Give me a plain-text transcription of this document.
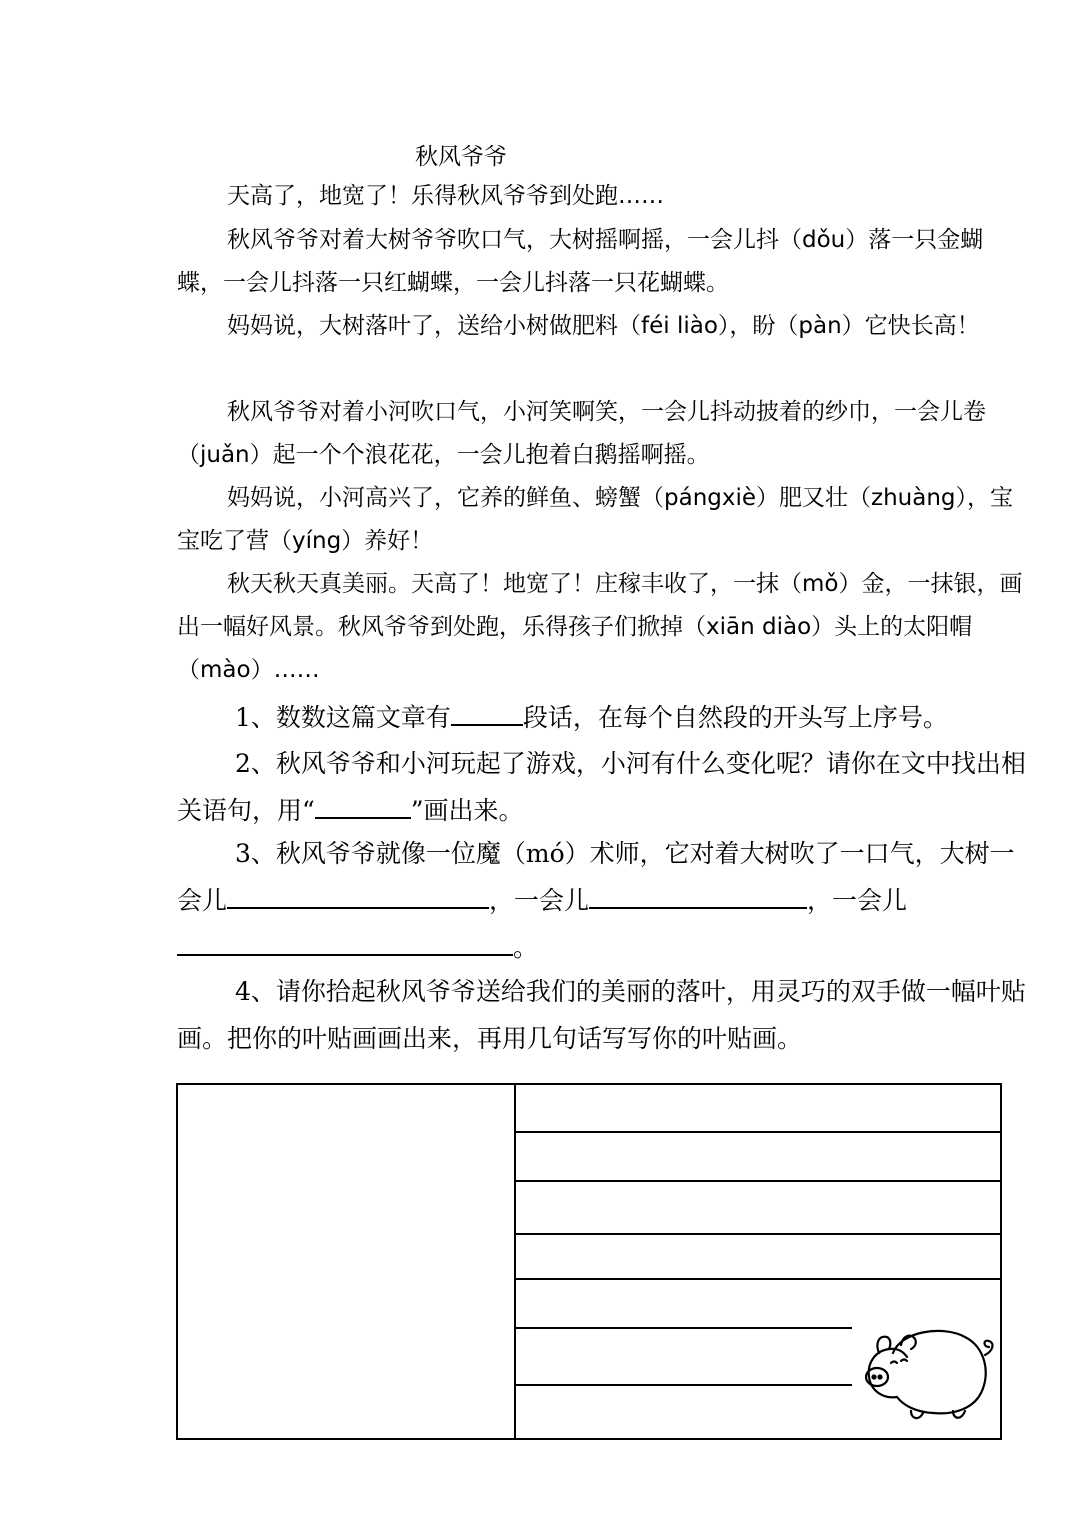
秋风爷爷
天高了，地宽了！乐得秋风爷爷到处跑……
秋风爷爷对着大树爷爷吹口气，大树摇啊摇，一会儿抖（dǒu）落一只金蝴蝶，一会儿抖落一只红蝴蝶，一会儿抖落一只花蝴蝶。
妈妈说，大树落叶了，送给小树做肥料（féi liào），盼（pàn）它快长高！
秋风爷爷对着小河吹口气，小河笑啊笑，一会儿抖动披着的纱巾，一会儿卷（juǎn）起一个个浪花花，一会儿抱着白鹅摇啊摇。
妈妈说，小河高兴了，它养的鲜鱼、螃蟹（pángxiè）肥又壮（zhuàng），宝宝吃了营（yíng）养好！
秋天秋天真美丽。天高了！地宽了！庄稼丰收了，一抹（mǒ）金，一抹银，画出一幅好风景。秋风爷爷到处跑，乐得孩子们掀掉（xiān diào）头上的太阳帽（mào）……
1、数数这篇文章有	段话，在每个自然段的开头写上序号。
2、秋风爷爷和小河玩起了游戏，小河有什么变化呢？请你在文中找出相关语句，用“	”画出来。
3、秋风爷爷就像一位魔（mó）术师，它对着大树吹了一口气，大树一会儿	，一会儿	，一会儿。
4、请你拾起秋风爷爷送给我们的美丽的落叶，用灵巧的双手做一幅叶贴画。把你的叶贴画画出来，再用几句话写写你的叶贴画。
